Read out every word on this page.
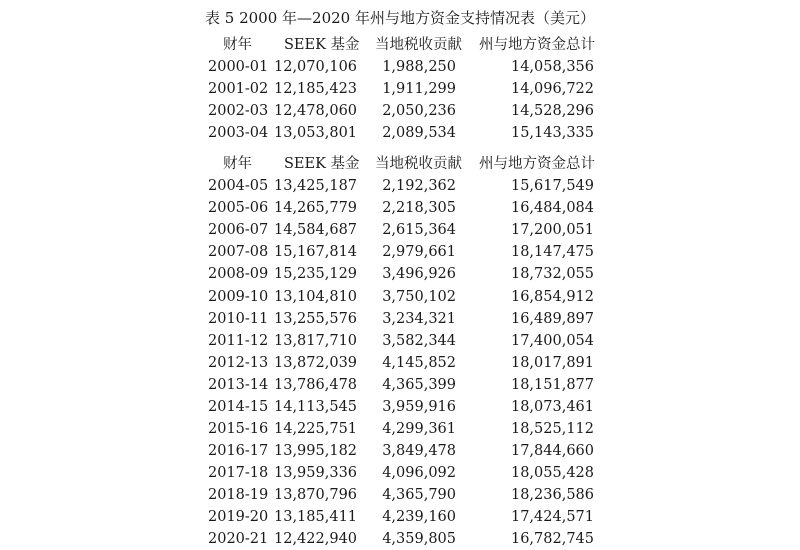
表 5 2000 年—2020 年州与地方资金支持情况表（美元）
财年	SEEK 基金	当地税收贡献	州与地方资金总计
2000-01 12,070,106	1,988,250	14,058,356
2001-02 12,185,423	1,911,299	14,096,722
2002-03 12,478,060	2,050,236	14,528,296
2003-04 13,053,801	2,089,534	15,143,335
财年	SEEK 基金	当地税收贡献	州与地方资金总计
2004-05 13,425,187	2,192,362	15,617,549
2005-06 14,265,779	2,218,305	16,484,084
2006-07 14,584,687	2,615,364	17,200,051
2007-08 15,167,814	2,979,661	18,147,475
2008-09 15,235,129	3,496,926	18,732,055
2009-10 13,104,810	3,750,102	16,854,912
2010-11 13,255,576	3,234,321	16,489,897
2011-12 13,817,710	3,582,344	17,400,054
2012-13 13,872,039	4,145,852	18,017,891
2013-14 13,786,478	4,365,399	18,151,877
2014-15 14,113,545	3,959,916	18,073,461
2015-16 14,225,751	4,299,361	18,525,112
2016-17 13,995,182	3,849,478	17,844,660
2017-18 13,959,336	4,096,092	18,055,428
2018-19 13,870,796	4,365,790	18,236,586
2019-20 13,185,411	4,239,160	17,424,571
2020-21 12,422,940	4,359,805	16,782,745
